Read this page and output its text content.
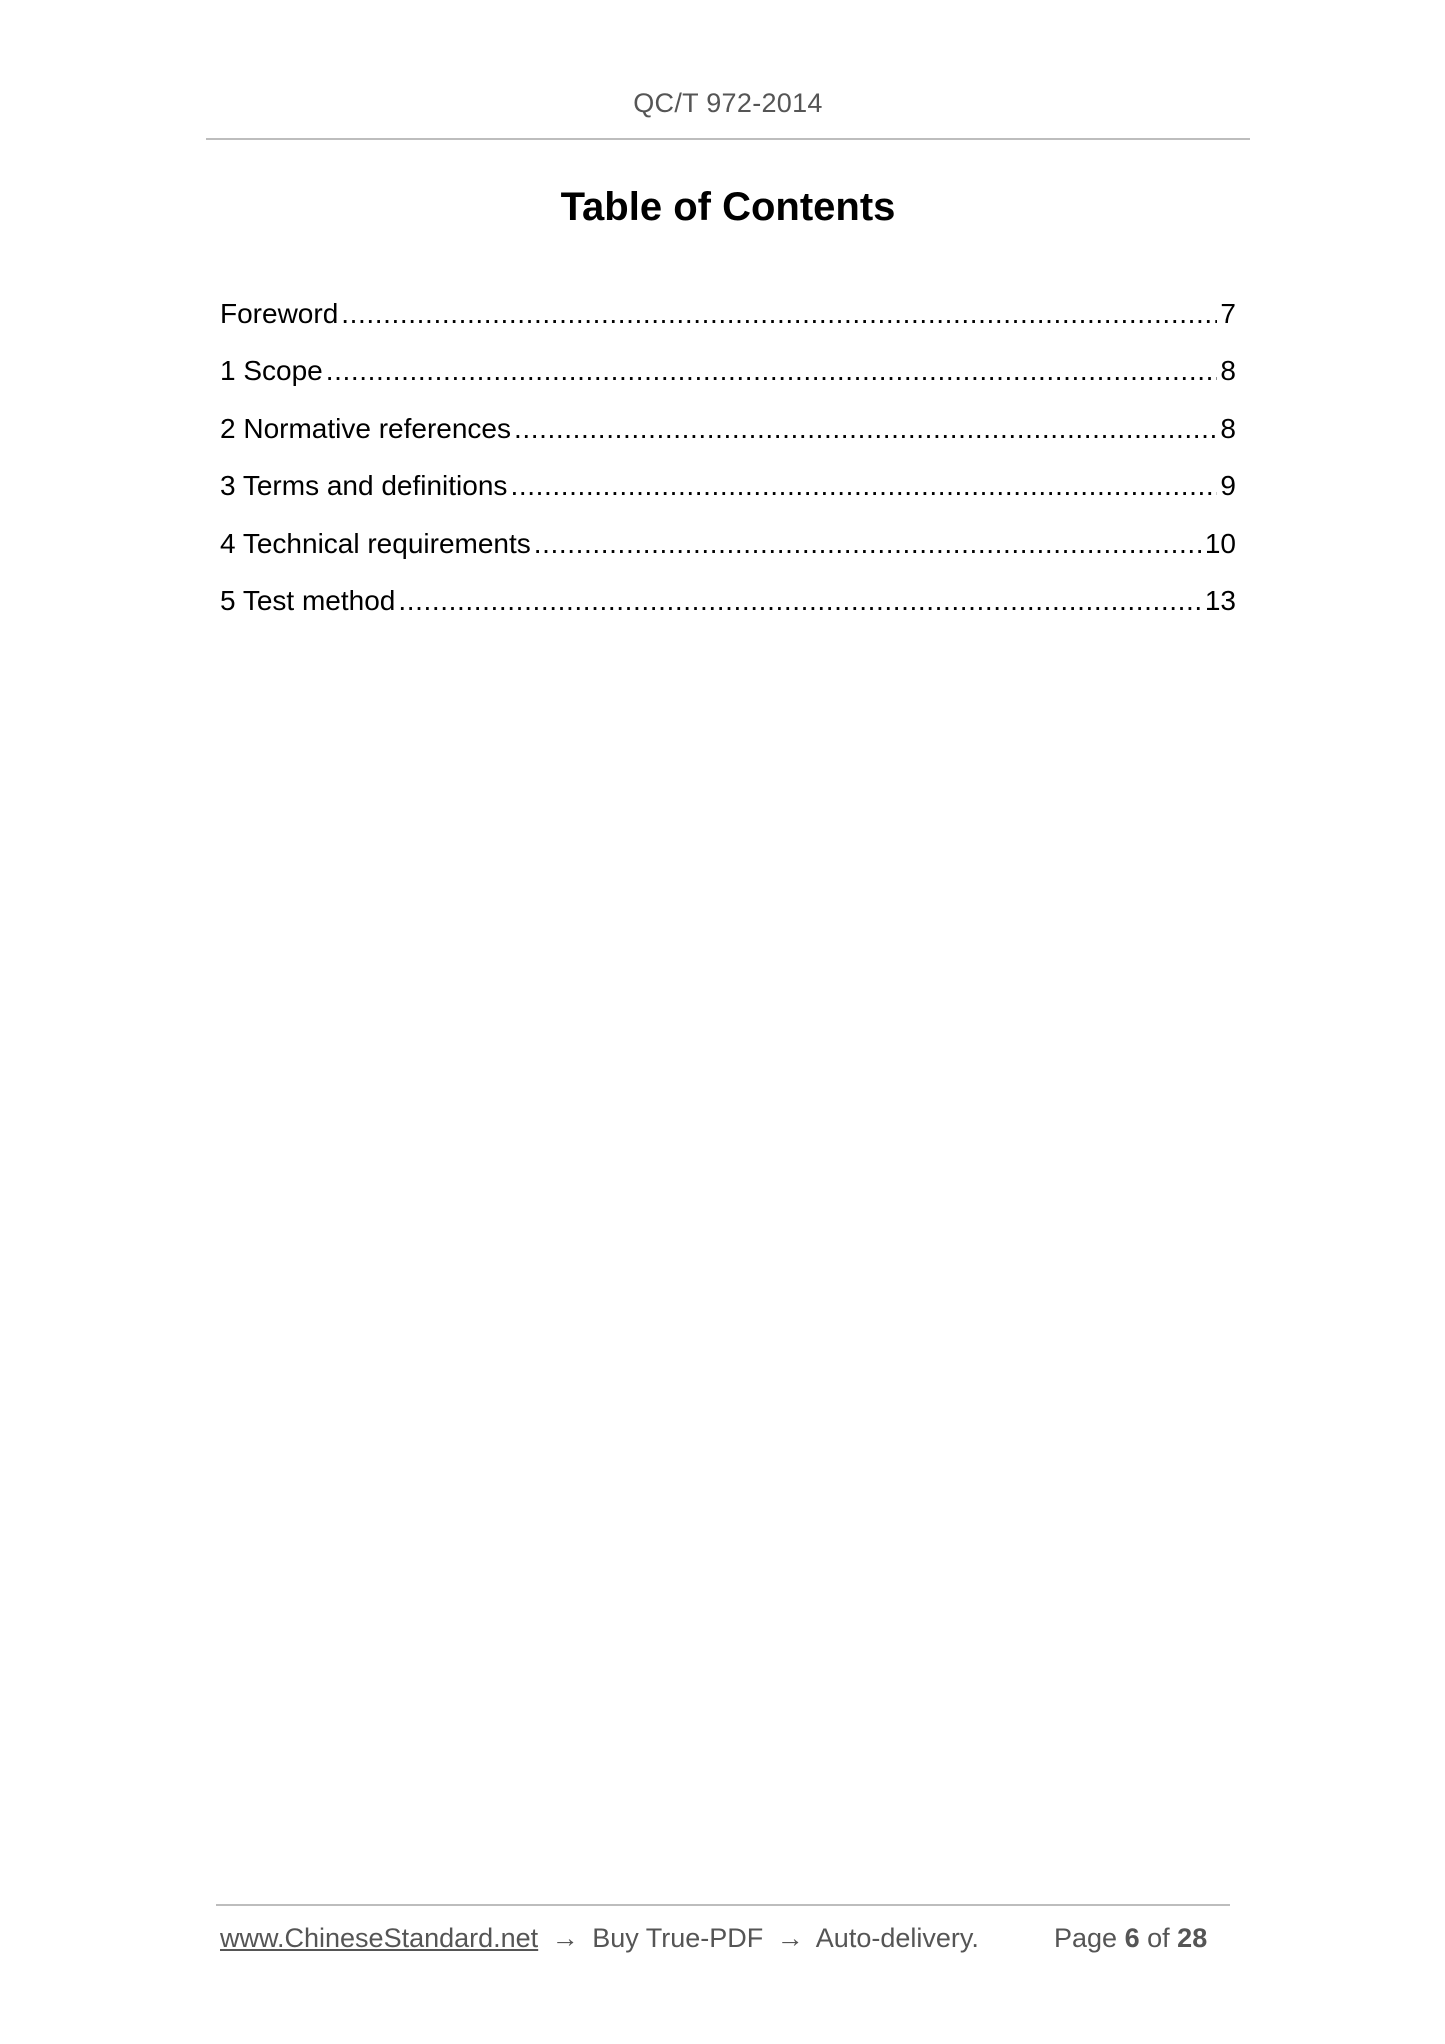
QC/T 972-2014
Table of Contents
Foreword .....	7
1 Scope .....	8
2 Normative references .....	8
3 Terms and definitions .....	9
4 Technical requirements .....	10
5 Test method .....	13
www.ChineseStandard.net → Buy True-PDF → Auto-delivery.	Page 6 of 28
